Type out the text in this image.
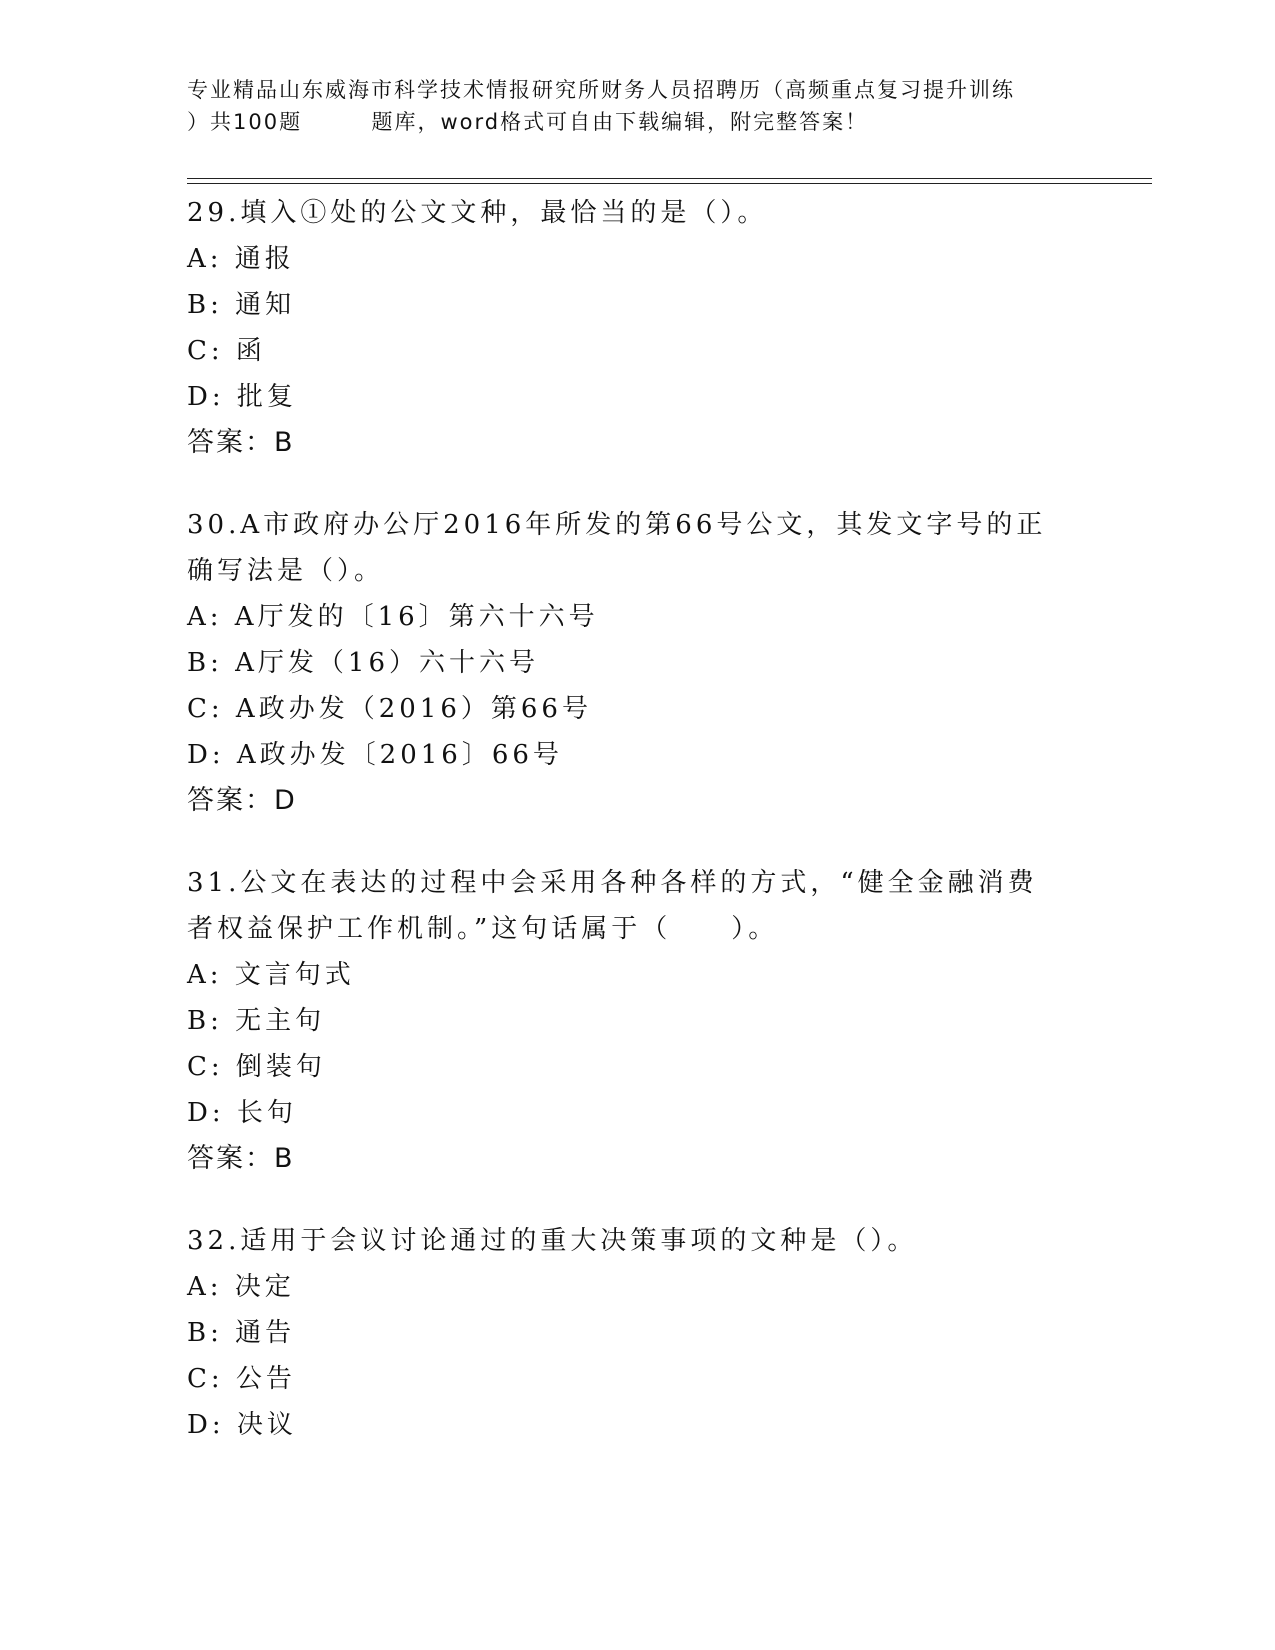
专业精品山东威海市科学技术情报研究所财务人员招聘历（高频重点复习提升训练
）共100题        题库，word格式可自由下载编辑，附完整答案！
29.填入①处的公文文种，最恰当的是（）。
A: 通报
B: 通知
C: 函
D: 批复
答案：B
30.A市政府办公厅2016年所发的第66号公文，其发文字号的正确写法是（）。
A: A厅发的〔16〕第六十六号
B: A厅发（16）六十六号
C: A政办发（2016）第66号
D: A政办发〔2016〕66号
答案：D
31.公文在表达的过程中会采用各种各样的方式，“健全金融消费者权益保护工作机制。”这句话属于（　　）。
A: 文言句式
B: 无主句
C: 倒装句
D: 长句
答案：B
32.适用于会议讨论通过的重大决策事项的文种是（）。
A: 决定
B: 通告
C: 公告
D: 决议
